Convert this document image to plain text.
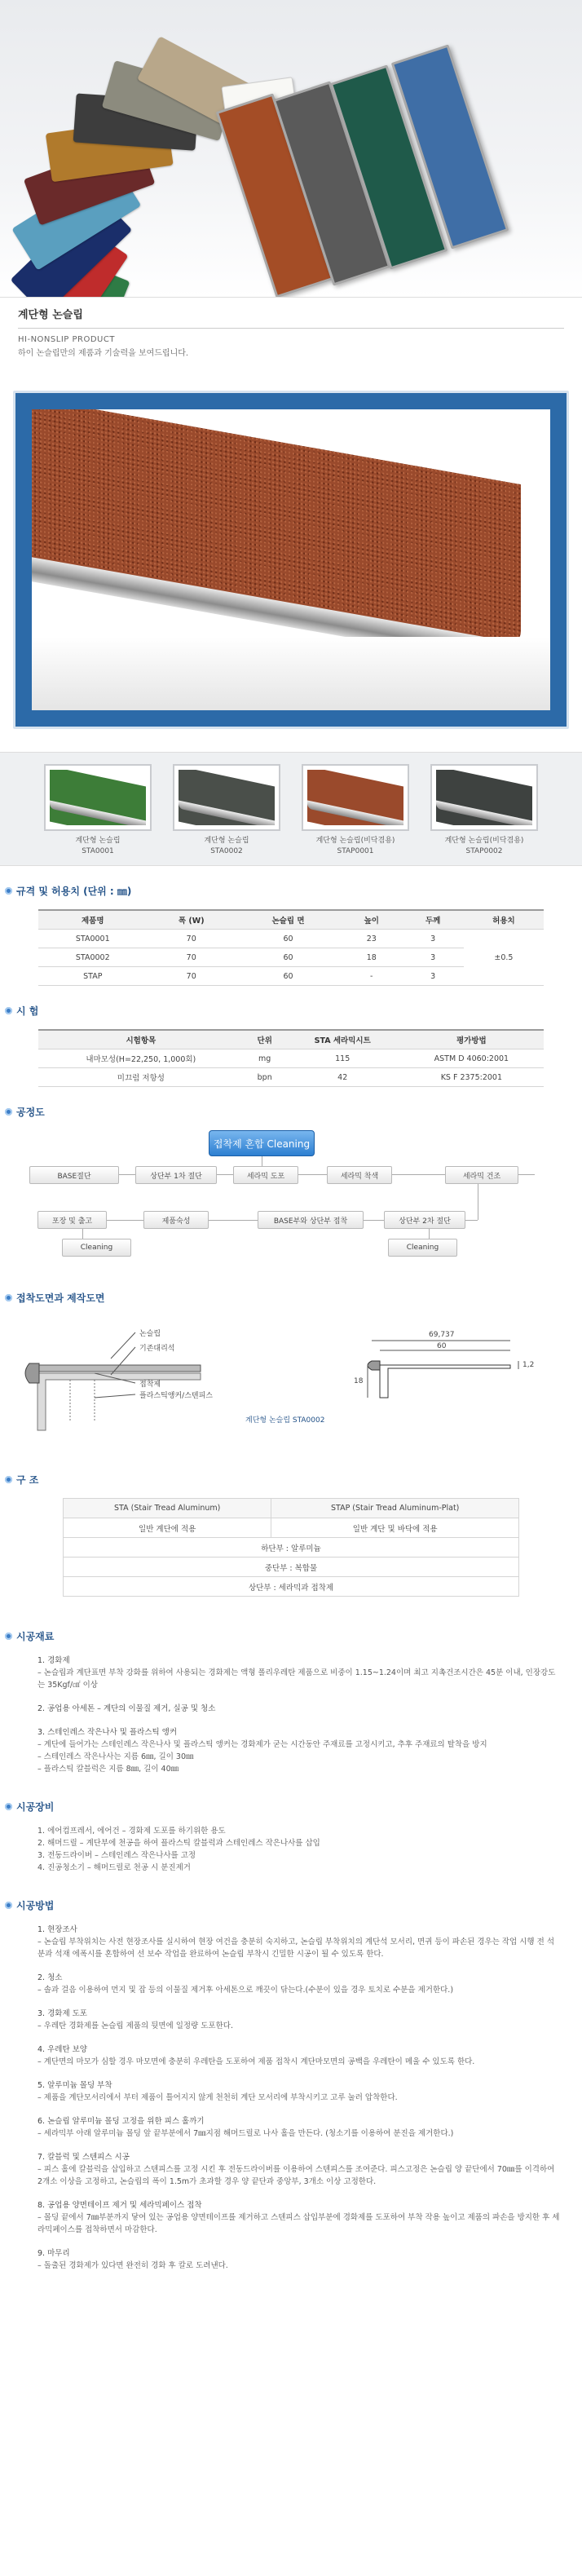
계단형 논슬립
HI-NONSLIP PRODUCT
하이 논슬립만의 제품과 기술력을 보여드립니다.
계단형 논슬립
STA0001
계단형 논슬립
STA0002
계단형 논슬립(비닥겸용)
STAP0001
계단형 논슬립(비닥겸용)
STAP0002
규격 및 허용치 (단위 : ㎜)
제품명	폭 (W)	논슬립 면	높이	두께	허용치
STA0001	70	60	23	3	±0.5
STA0002	70	60	18	3	
STAP	70	60	-	3	
시 험
시험항목	단위	STA 세라믹시트	평가방법
내마모성(H=22,250, 1,000회)	mg	115	ASTM D 4060:2001
미끄럼 저항성	bpn	42	KS F 2375:2001
공정도
접착제 혼합 Cleaning
BASE절단	상단부 1차 절단	세라믹 도포	세라믹 착색	세라믹 건조
포장 및 출고	제품숙성	BASE부와 상단부 접착	상단부 2차 절단
Cleaning	Cleaning
접착도면과 제작도면
논슬립
기존대리석
접착제
플라스틱앵커/스텐피스
69,737
60
1,2
18
계단형 논슬립 STA0002
구 조
STA (Stair Tread Aluminum)	STAP (Stair Tread Aluminum-Plat)
일반 계단에 적용	일반 계단 및 바닥에 적용
하단부 : 알루미늄	
중단부 : 복합물	
상단부 : 세라믹과 접착제	
시공재료
1. 경화제
– 논슬립과 계단표면 부착 강화를 위하여 사용되는 경화제는 액형 폴리우레탄 제품으로 비중이 1.15~1.24이며 최고 지촉건조시간은 45분 이내, 인장강도는 35Kgf/㎠ 이상
2. 공업용 아세톤 – 계단의 이물질 제거, 실공 및 청소
3. 스테인레스 작은나사 및 플라스틱 앵커
– 계단에 들어가는 스테인레스 작은나사 및 플라스틱 앵커는 경화제가 굳는 시간동안 주재료를 고정시키고, 추후 주재료의 탈착을 방지
– 스테인레스 작은나사는 지름 6㎜, 길이 30㎜
– 플라스틱 칼블럭은 지름 8㎜, 길이 40㎜
시공장비
1. 에어컴프레서, 에어건 – 경화제 도포를 하기위한 용도
2. 해머드릴 – 계단부에 천공을 하여 플라스틱 칼블럭과 스테인레스 작은나사를 삽입
3. 전동드라이버 – 스테인레스 작은나사를 고정
4. 진공청소기 – 해머드릴로 천공 시 분진제거
시공방법
1. 현장조사
– 논슬립 부착위치는 사전 현장조사를 실시하여 현장 여건을 충분히 숙지하고, 논슬립 부착위치의 계단석 모서리, 면귀 등이 파손된 경우는 작업 시행 전 석분과 석재 에폭시를 혼합하여 선 보수 작업을 완료하여 논슬립 부착시 긴밀한 시공이 될 수 있도록 한다.
2. 청소
– 솔과 걸음 이용하여 먼지 및 잡 등의 이물질 제거후 아세톤으로 깨끗이 닦는다.(수분이 있을 경우 토치로 수분을 제거한다.)
3. 경화제 도포
– 우레탄 경화제를 논슬립 제품의 뒷면에 일정량 도포한다.
4. 우레탄 보양
– 계단면의 마모가 심할 경우 마모면에 충분히 우레탄을 도포하여 제품 접착시 계단마모면의 공백을 우레탄이 메울 수 있도록 한다.
5. 알루미늄 몰딩 부착
– 제품을 계단모서리에서 부터 제품이 틀어지지 않게 천천히 계단 모서리에 부착시키고 고루 눌러 압착한다.
6. 논슬립 알루미늄 몰딩 고정을 위한 피스 홀까기
– 세라믹부 아래 알루미늄 몰딩 앞 끝부분에서 7㎜지점 해머드릴로 나사 홀을 만든다. (청소기를 이용하여 분진을 제거한다.)
7. 칼블럭 및 스텐피스 시공
– 피스 홀에 칼블럭을 삽입하고 스텐피스를 고정 시킨 후 전동드라이버를 이용하여 스텐피스를 조여준다. 피스고정은 논슬립 양 끝단에서 70㎜를 이격하여 2개소 이상을 고정하고, 논슬립의 폭이 1.5m가 초과할 경우 양 끝단과 중앙부, 3개소 이상 고정한다.
8. 공업용 양면테이프 제거 및 세라믹페이스 접착
– 몰딩 끝에서 7㎜부분까지 닿여 있는 공업용 양면테이프를 제거하고 스텐피스 삽입부분에 경화제를 도포하여 부착 작용 높이고 제품의 파손을 방지한 후 세라믹페이스를 접착하면서 마감한다.
9. 마무리
– 돌출된 경화제가 있다면 완전히 경화 후 칼로 도려낸다.
